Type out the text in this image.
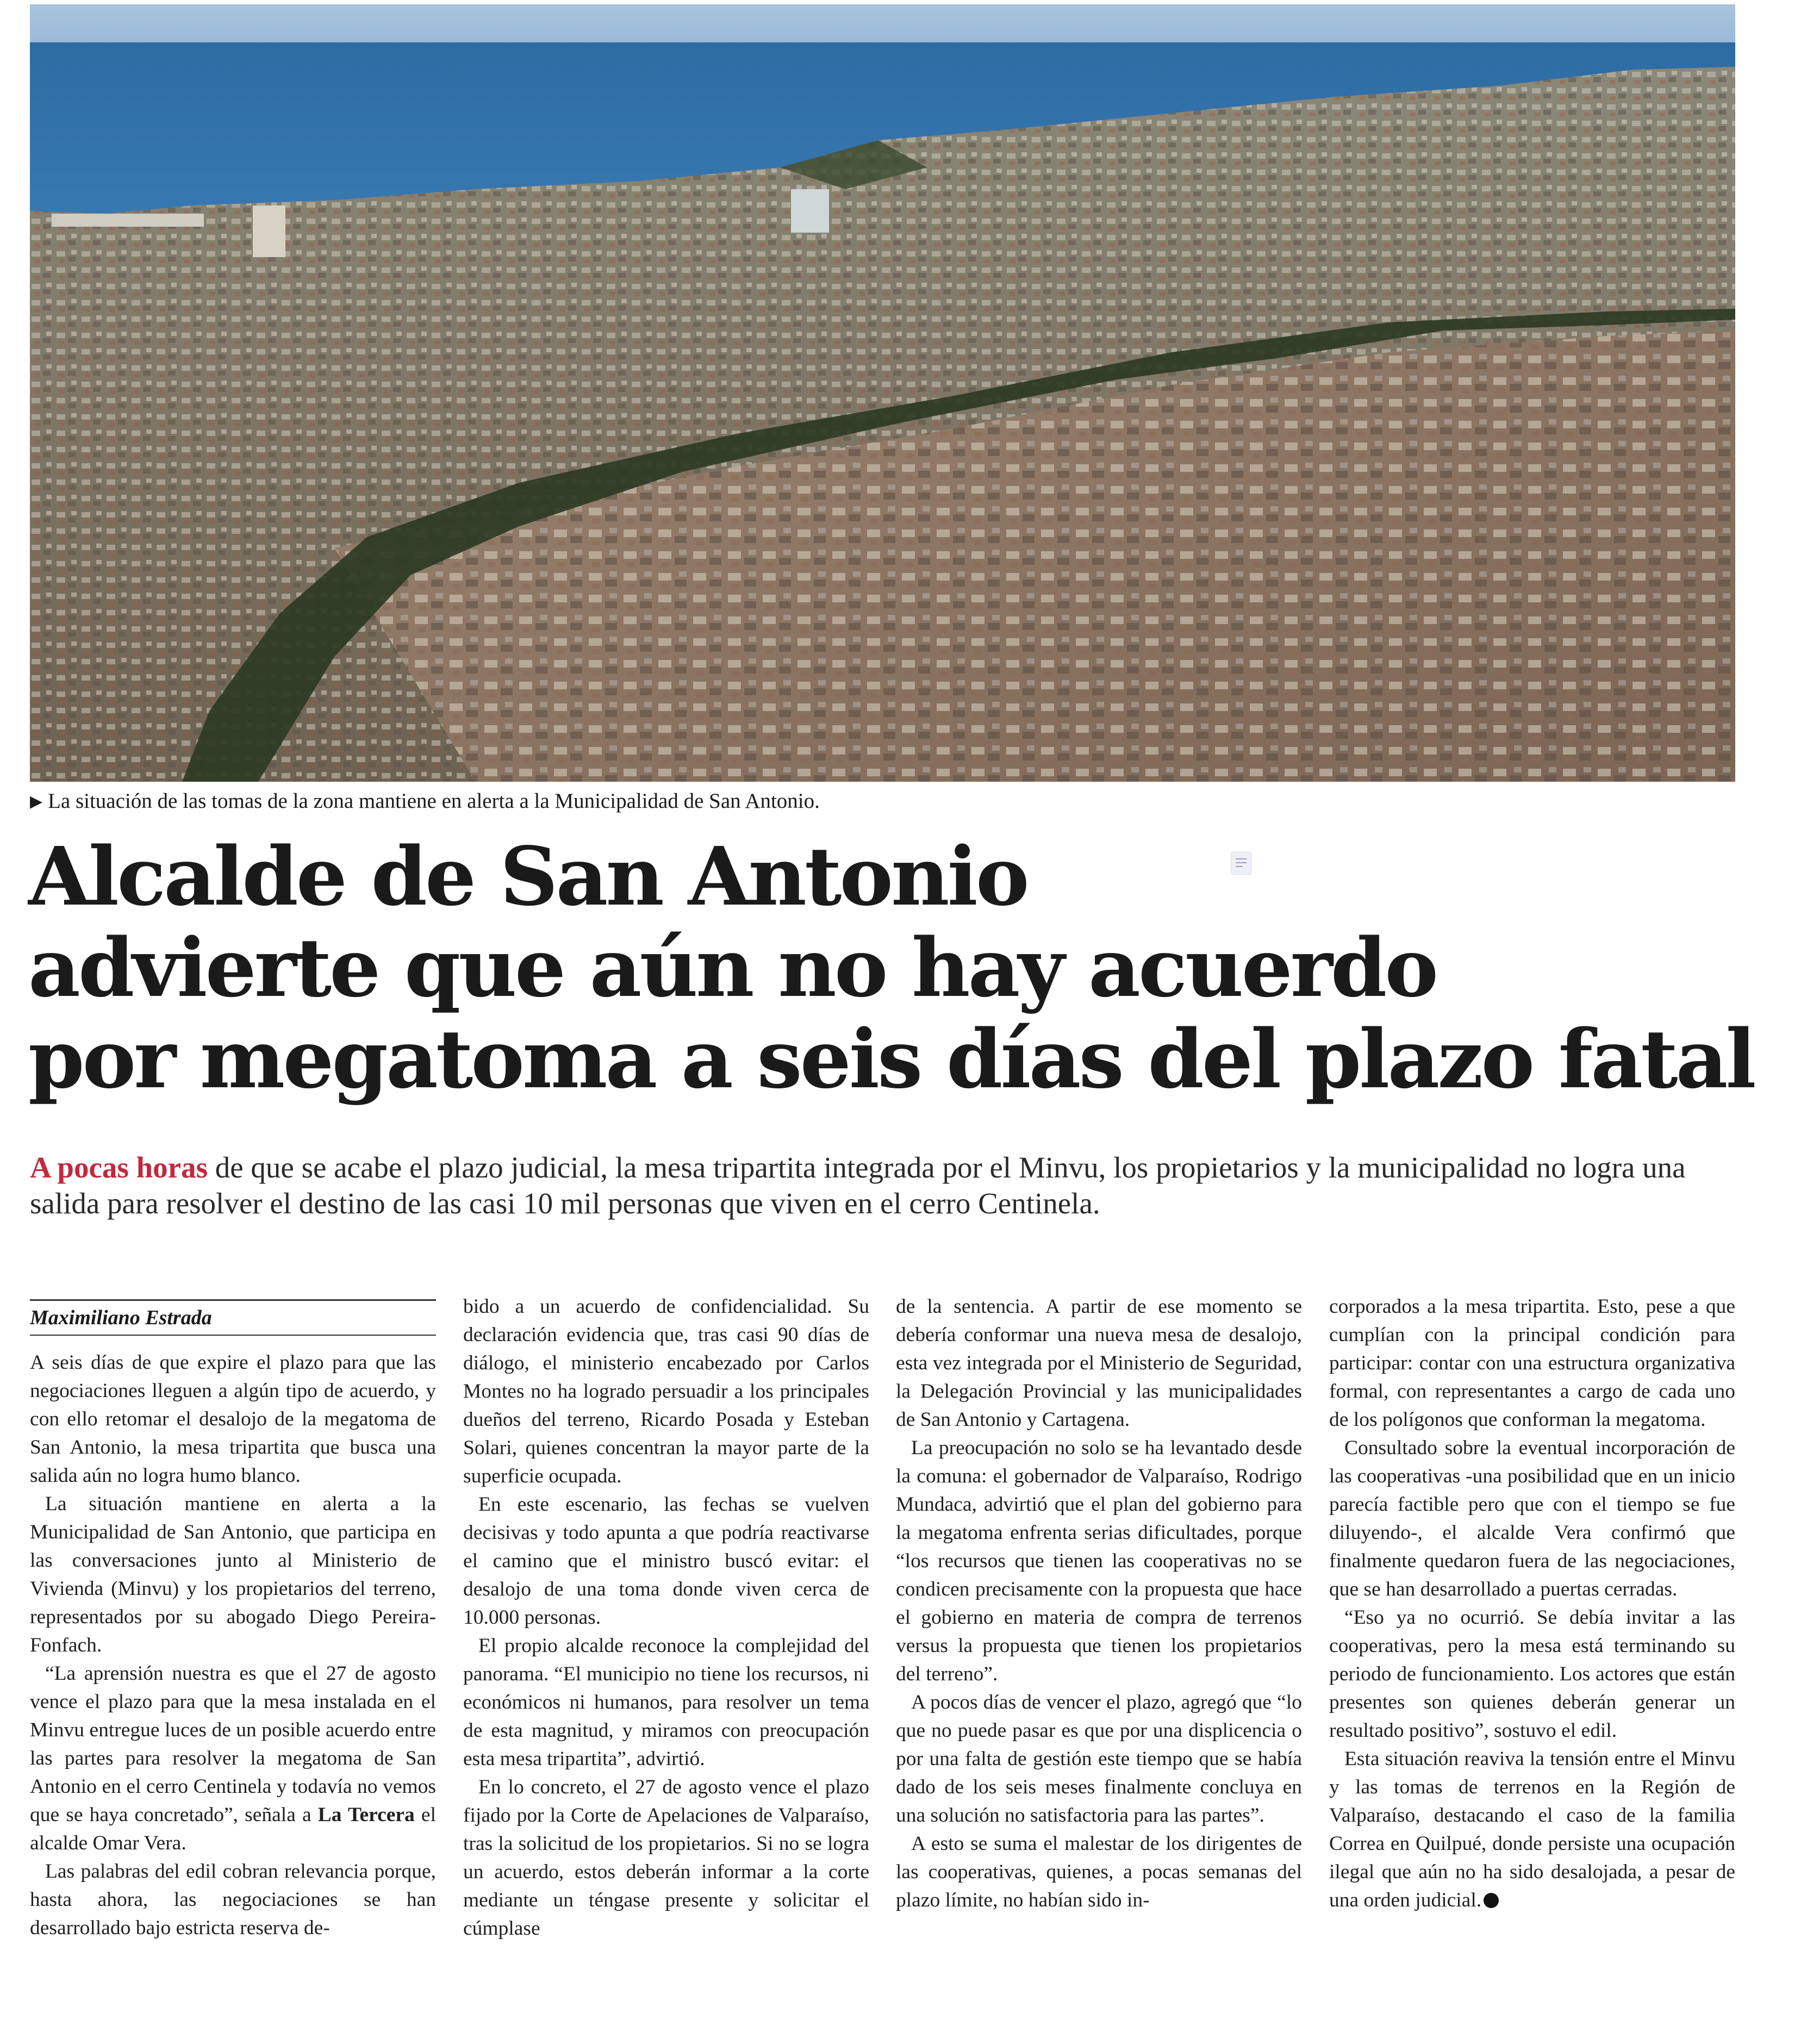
▶ La situación de las tomas de la zona mantiene en alerta a la Municipalidad de San Antonio.
Alcalde de San Antonio
advierte que aún no hay acuerdo
por megatoma a seis días del plazo fatal

A pocas horas de que se acabe el plazo judicial, la mesa tripartita integrada por el Minvu, los propietarios y la municipalidad no logra una salida para resolver el destino de las casi 10 mil personas que viven en el cerro Centinela.

Maximiliano Estrada

A seis días de que expire el plazo para que las negociaciones lleguen a algún tipo de acuerdo, y con ello retomar el desalojo de la megatoma de San Antonio, la mesa tripartita que busca una salida aún no logra humo blanco.

La situación mantiene en alerta a la Municipalidad de San Antonio, que participa en las conversaciones junto al Ministerio de Vivienda (Minvu) y los propietarios del terreno, representados por su abogado Diego Pereira-Fonfach.

“La aprensión nuestra es que el 27 de agosto vence el plazo para que la mesa instalada en el Minvu entregue luces de un posible acuerdo entre las partes para resolver la megatoma de San Antonio en el cerro Centinela y todavía no vemos que se haya concretado”, señala a La Tercera el alcalde Omar Vera.

Las palabras del edil cobran relevancia porque, hasta ahora, las negociaciones se han desarrollado bajo estricta reserva de-

bido a un acuerdo de confidencialidad. Su declaración evidencia que, tras casi 90 días de diálogo, el ministerio encabezado por Carlos Montes no ha logrado persuadir a los principales dueños del terreno, Ricardo Posada y Esteban Solari, quienes concentran la mayor parte de la superficie ocupada.

En este escenario, las fechas se vuelven decisivas y todo apunta a que podría reactivarse el camino que el ministro buscó evitar: el desalojo de una toma donde viven cerca de 10.000 personas.

El propio alcalde reconoce la complejidad del panorama. “El municipio no tiene los recursos, ni económicos ni humanos, para resolver un tema de esta magnitud, y miramos con preocupación esta mesa tripartita”, advirtió.

En lo concreto, el 27 de agosto vence el plazo fijado por la Corte de Apelaciones de Valparaíso, tras la solicitud de los propietarios. Si no se logra un acuerdo, estos deberán informar a la corte mediante un téngase presente y solicitar el cúmplase

de la sentencia. A partir de ese momento se debería conformar una nueva mesa de desalojo, esta vez integrada por el Ministerio de Seguridad, la Delegación Provincial y las municipalidades de San Antonio y Cartagena.

La preocupación no solo se ha levantado desde la comuna: el gobernador de Valparaíso, Rodrigo Mundaca, advirtió que el plan del gobierno para la megatoma enfrenta serias dificultades, porque “los recursos que tienen las cooperativas no se condicen precisamente con la propuesta que hace el gobierno en materia de compra de terrenos versus la propuesta que tienen los propietarios del terreno”.

A pocos días de vencer el plazo, agregó que “lo que no puede pasar es que por una displicencia o por una falta de gestión este tiempo que se había dado de los seis meses finalmente concluya en una solución no satisfactoria para las partes”.

A esto se suma el malestar de los dirigentes de las cooperativas, quienes, a pocas semanas del plazo límite, no habían sido in-

corporados a la mesa tripartita. Esto, pese a que cumplían con la principal condición para participar: contar con una estructura organizativa formal, con representantes a cargo de cada uno de los polígonos que conforman la megatoma.

Consultado sobre la eventual incorporación de las cooperativas -una posibilidad que en un inicio parecía factible pero que con el tiempo se fue diluyendo-, el alcalde Vera confirmó que finalmente quedaron fuera de las negociaciones, que se han desarrollado a puertas cerradas.

“Eso ya no ocurrió. Se debía invitar a las cooperativas, pero la mesa está terminando su periodo de funcionamiento. Los actores que están presentes son quienes deberán generar un resultado positivo”, sostuvo el edil.

Esta situación reaviva la tensión entre el Minvu y las tomas de terrenos en la Región de Valparaíso, destacando el caso de la familia Correa en Quilpué, donde persiste una ocupación ilegal que aún no ha sido desalojada, a pesar de una orden judicial.
